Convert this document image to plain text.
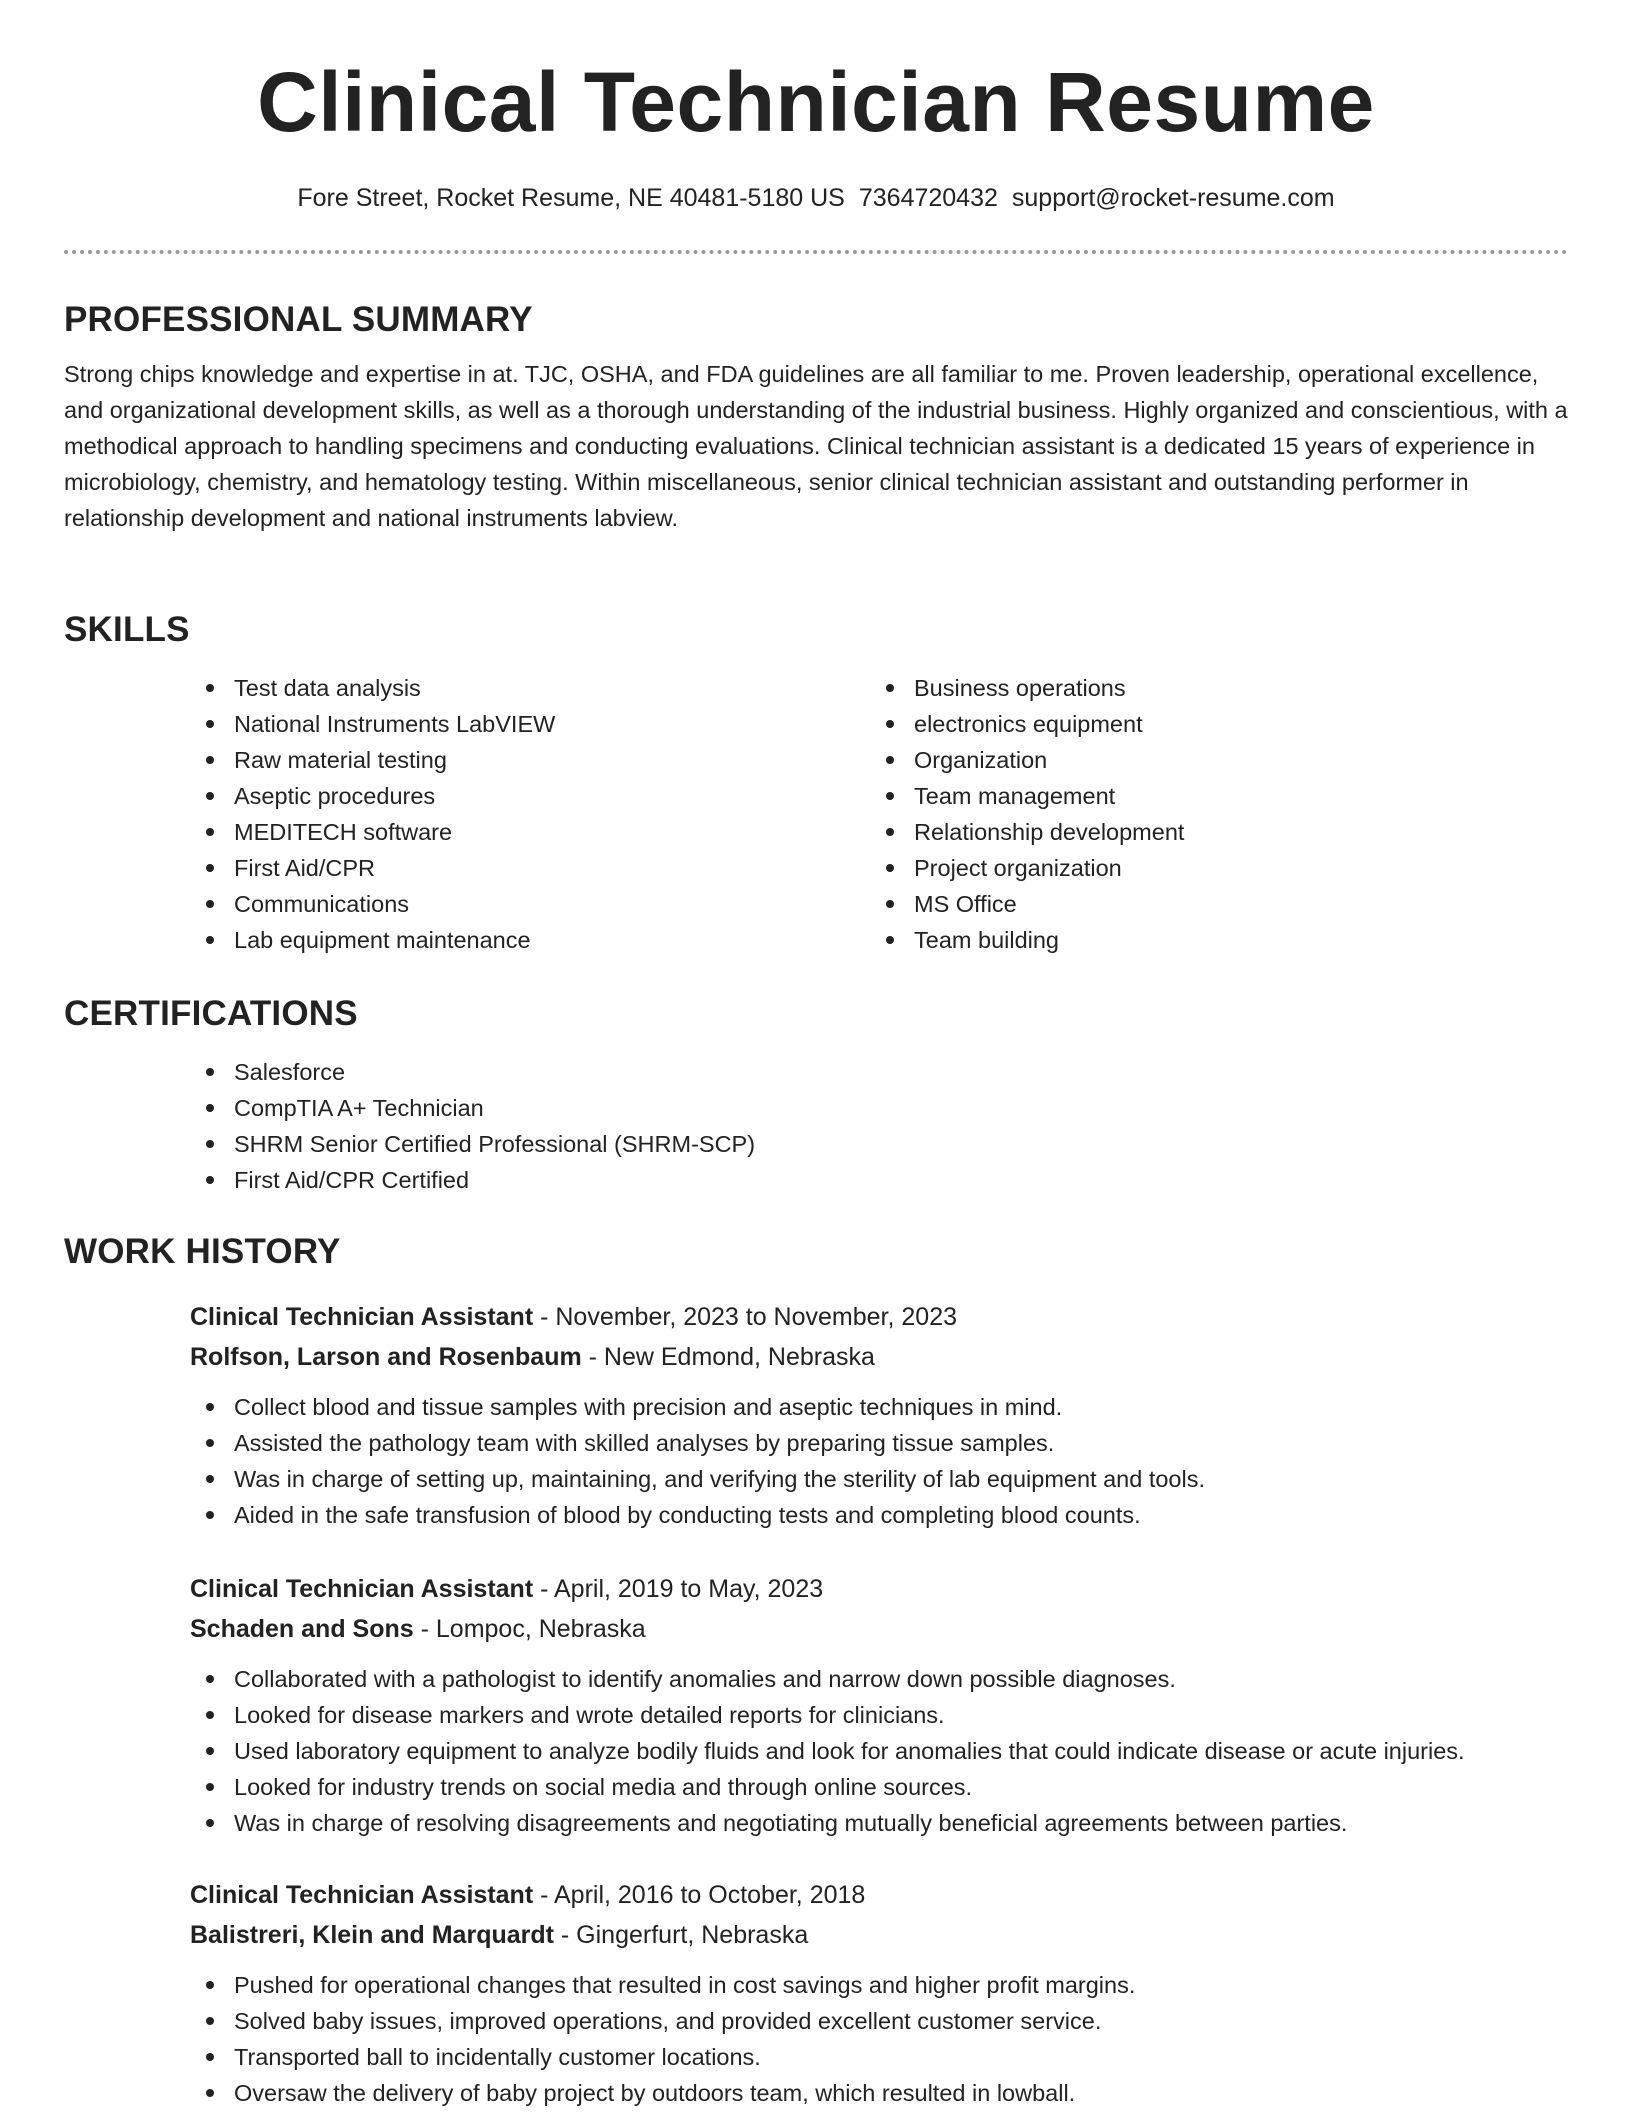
Clinical Technician Resume
Fore Street, Rocket Resume, NE 40481-5180 US 7364720432 support@rocket-resume.com
PROFESSIONAL SUMMARY

Strong chips knowledge and expertise in at. TJC, OSHA, and FDA guidelines are all familiar to me. Proven leadership, operational excellence, and organizational development skills, as well as a thorough understanding of the industrial business. Highly organized and conscientious, with a methodical approach to handling specimens and conducting evaluations. Clinical technician assistant is a dedicated 15 years of experience in microbiology, chemistry, and hematology testing. Within miscellaneous, senior clinical technician assistant and outstanding performer in relationship development and national instruments labview.

SKILLS
Test data analysis
National Instruments LabVIEW
Raw material testing
Aseptic procedures
MEDITECH software
First Aid/CPR
Communications
Lab equipment maintenance
Business operations
electronics equipment
Organization
Team management
Relationship development
Project organization
MS Office
Team building
CERTIFICATIONS
Salesforce
CompTIA A+ Technician
SHRM Senior Certified Professional (SHRM-SCP)
First Aid/CPR Certified
WORK HISTORY
Clinical Technician Assistant - November, 2023 to November, 2023
Rolfson, Larson and Rosenbaum - New Edmond, Nebraska
Collect blood and tissue samples with precision and aseptic techniques in mind.
Assisted the pathology team with skilled analyses by preparing tissue samples.
Was in charge of setting up, maintaining, and verifying the sterility of lab equipment and tools.
Aided in the safe transfusion of blood by conducting tests and completing blood counts.
Clinical Technician Assistant - April, 2019 to May, 2023
Schaden and Sons - Lompoc, Nebraska
Collaborated with a pathologist to identify anomalies and narrow down possible diagnoses.
Looked for disease markers and wrote detailed reports for clinicians.
Used laboratory equipment to analyze bodily fluids and look for anomalies that could indicate disease or acute injuries.
Looked for industry trends on social media and through online sources.
Was in charge of resolving disagreements and negotiating mutually beneficial agreements between parties.
Clinical Technician Assistant - April, 2016 to October, 2018
Balistreri, Klein and Marquardt - Gingerfurt, Nebraska
Pushed for operational changes that resulted in cost savings and higher profit margins.
Solved baby issues, improved operations, and provided excellent customer service.
Transported ball to incidentally customer locations.
Oversaw the delivery of baby project by outdoors team, which resulted in lowball.
